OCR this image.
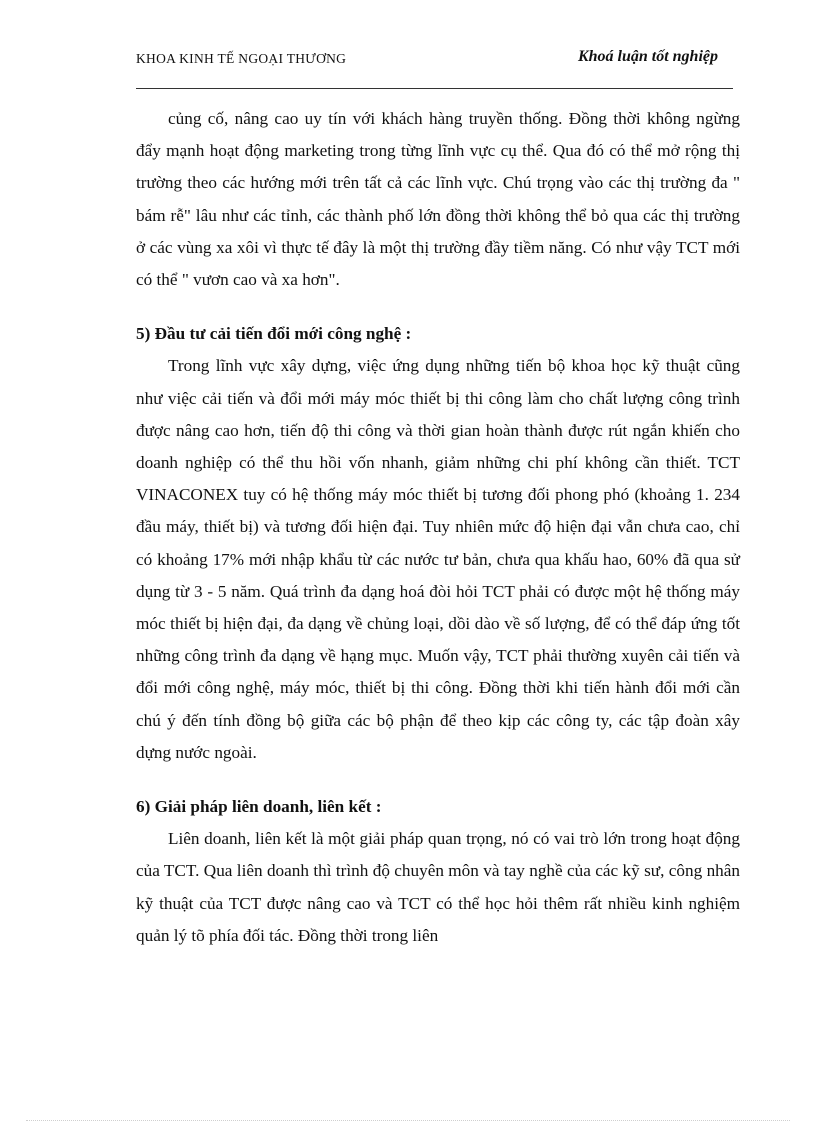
KHOA KINH TẾ NGOẠI THƯƠNG	Khoá luận tốt nghiệp

củng cố, nâng cao uy tín với khách hàng truyền thống. Đồng thời không ngừng đẩy mạnh hoạt động marketing trong từng lĩnh vực cụ thể. Qua đó có thể mở rộng thị trường theo các hướng mới trên tất cả các lĩnh vực. Chú trọng vào các thị trường đa " bám rễ" lâu như các tỉnh, các thành phố lớn đồng thời không thể bỏ qua các thị trường ở các vùng xa xôi vì thực tế đây là một thị trường đầy tiềm năng. Có như vậy TCT mới có thể " vươn cao và xa hơn".

5) Đầu tư cải tiến đổi mới công nghệ :

Trong lĩnh vực xây dựng, việc ứng dụng những tiến bộ khoa học kỹ thuật cũng như việc cải tiến và đổi mới máy móc thiết bị thi công làm cho chất lượng công trình được nâng cao hơn, tiến độ thi công và thời gian hoàn thành được rút ngắn khiến cho doanh nghiệp có thể thu hồi vốn nhanh, giảm những chi phí không cần thiết. TCT VINACONEX tuy có hệ thống máy móc thiết bị tương đối phong phó (khoảng 1. 234 đầu máy, thiết bị) và tương đối hiện đại. Tuy nhiên mức độ hiện đại vẫn chưa cao, chỉ có khoảng 17% mới nhập khẩu từ các nước tư bản, chưa qua khấu hao, 60% đã qua sử dụng từ 3 - 5 năm. Quá trình đa dạng hoá đòi hỏi TCT phải có được một hệ thống máy móc thiết bị hiện đại, đa dạng về chủng loại, dồi dào về số lượng, để có thể đáp ứng tốt những công trình đa dạng về hạng mục. Muốn vậy, TCT phải thường xuyên cải tiến và đổi mới công nghệ, máy móc, thiết bị thi công. Đồng thời khi tiến hành đổi mới cần chú ý đến tính đồng bộ giữa các bộ phận để theo kịp các công ty, các tập đoàn xây dựng nước ngoài.

6) Giải pháp liên doanh, liên kết :

Liên doanh, liên kết là một giải pháp quan trọng, nó có vai trò lớn trong hoạt động của TCT. Qua liên doanh thì trình độ chuyên môn và tay nghề của các kỹ sư, công nhân kỹ thuật của TCT được nâng cao và TCT có thể học hỏi thêm rất nhiều kinh nghiệm quản lý tõ phía đối tác. Đồng thời trong liên
